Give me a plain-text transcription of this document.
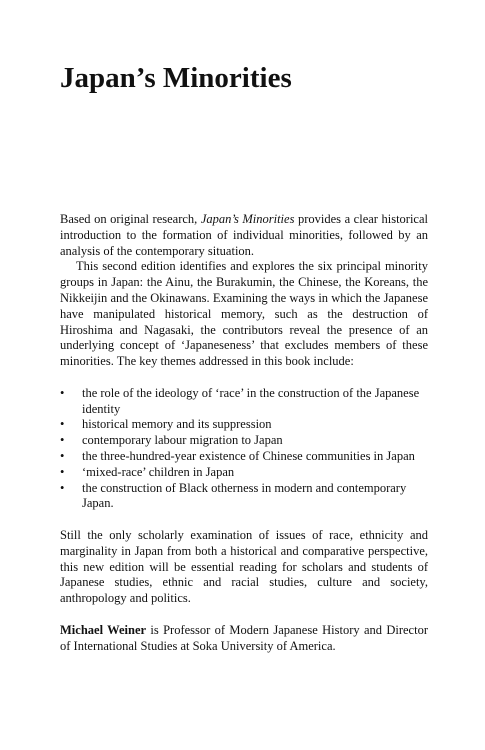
Japan’s Minorities

Based on original research, Japan’s Minorities provides a clear historical introduction to the formation of individual minorities, followed by an analysis of the contemporary situation.

This second edition identifies and explores the six principal minority groups in Japan: the Ainu, the Burakumin, the Chinese, the Koreans, the Nikkeijin and the Okinawans. Examining the ways in which the Japanese have manipulated historical memory, such as the destruction of Hiroshima and Nagasaki, the contributors reveal the presence of an underlying concept of ‘Japaneseness’ that excludes members of these minorities. The key themes addressed in this book include:

• the role of the ideology of ‘race’ in the construction of the Japanese identity
• historical memory and its suppression
• contemporary labour migration to Japan
• the three-hundred-year existence of Chinese communities in Japan
• ‘mixed-race’ children in Japan
• the construction of Black otherness in modern and contemporary Japan.

Still the only scholarly examination of issues of race, ethnicity and marginality in Japan from both a historical and comparative perspective, this new edition will be essential reading for scholars and students of Japanese studies, ethnic and racial studies, culture and society, anthropology and politics.

Michael Weiner is Professor of Modern Japanese History and Director of International Studies at Soka University of America.
